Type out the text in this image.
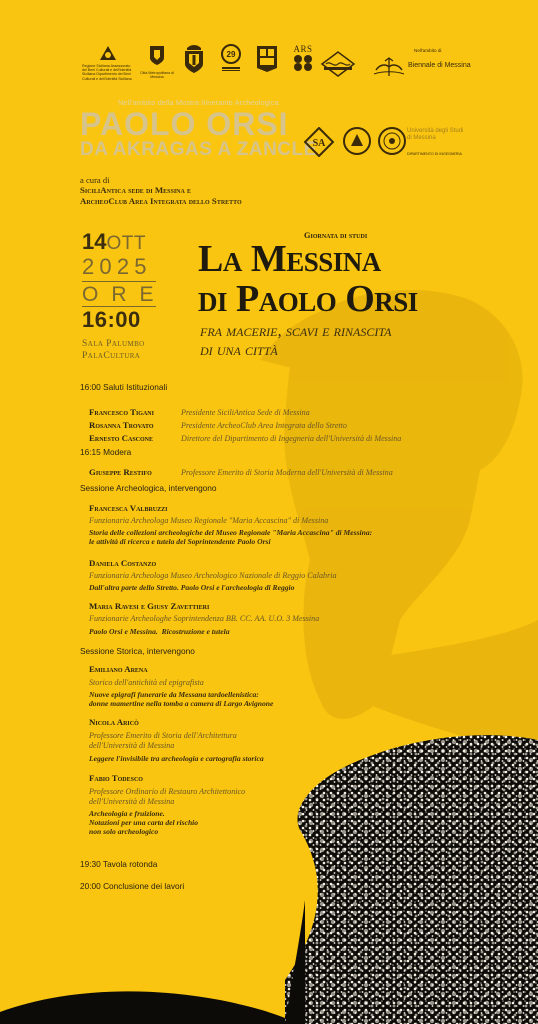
Regione Siciliana Assessorato dei Beni Culturali e dell'Identità Siciliana Dipartimento dei Beni Culturali e dell'Identità Siciliana
Città Metropolitana di Messina
29
ARS	Nell'ambito di
Biennale di Messina
Nell'ambito della Mostra Itinerante Archeologica
PAOLO ORSI
DA AKRAGAS A ZANCLE
SA
Università degli Studi di Messina
DIPARTIMENTO DI INGEGNERIA
a cura di
SiciliAntica sede di Messina e
ArcheoClub Area Integrata dello Stretto
14OTT
2025
ORE
16:00
Sala Palumbo
PalaCultura
Giornata di studi
La Messina
di Paolo Orsi
fra macerie, scavi e rinascita
di una città
16:00 Saluti Istituzionali
Francesco Tigani	Presidente SiciliAntica Sede di Messina
Rosanna Trovato	Presidente ArcheoClub Area Integrata dello Stretto
Ernesto Cascone	Direttore del Dipartimento di Ingegneria dell'Università di Messina
16:15 Modera
Giuseppe Restifo	Professore Emerito di Storia Moderna dell'Università di Messina
Sessione Archeologica, intervengono
Francesca Valbruzzi
Funzionaria Archeologa Museo Regionale "Maria Accascina" di Messina
Storia delle collezioni archeologiche del Museo Regionale "Maria Accascina" di Messina:
le attività di ricerca e tutela del Soprintendente Paolo Orsi
Daniela Costanzo
Funzionaria Archeologa Museo Archeologico Nazionale di Reggio Calabria
Dall'altra parte dello Stretto. Paolo Orsi e l'archeologia di Reggio
Maria Ravesi e Giusy Zavettieri
Funzionarie Archeologhe Soprintendenza BB. CC. AA. U.O. 3 Messina
Paolo Orsi e Messina.  Ricostruzione e tutela
Sessione Storica, intervengono
Emiliano Arena
Storico dell'antichità ed epigrafista
Nuove epigrafi funerarie da Messana tardoellenistica:
donne mamertine nella tomba a camera di Largo Avignone
Nicola Aricò
Professore Emerito di Storia dell'Architettura
dell'Università di Messina
Leggere l'invisibile tra archeologia e cartografia storica
Fabio Todesco
Professore Ordinario di Restauro Architettonico
dell'Università di Messina
Archeologia e fruizione.
Notazioni per una carta del rischio
non solo archeologico
19:30 Tavola rotonda
20:00 Conclusione dei lavori
